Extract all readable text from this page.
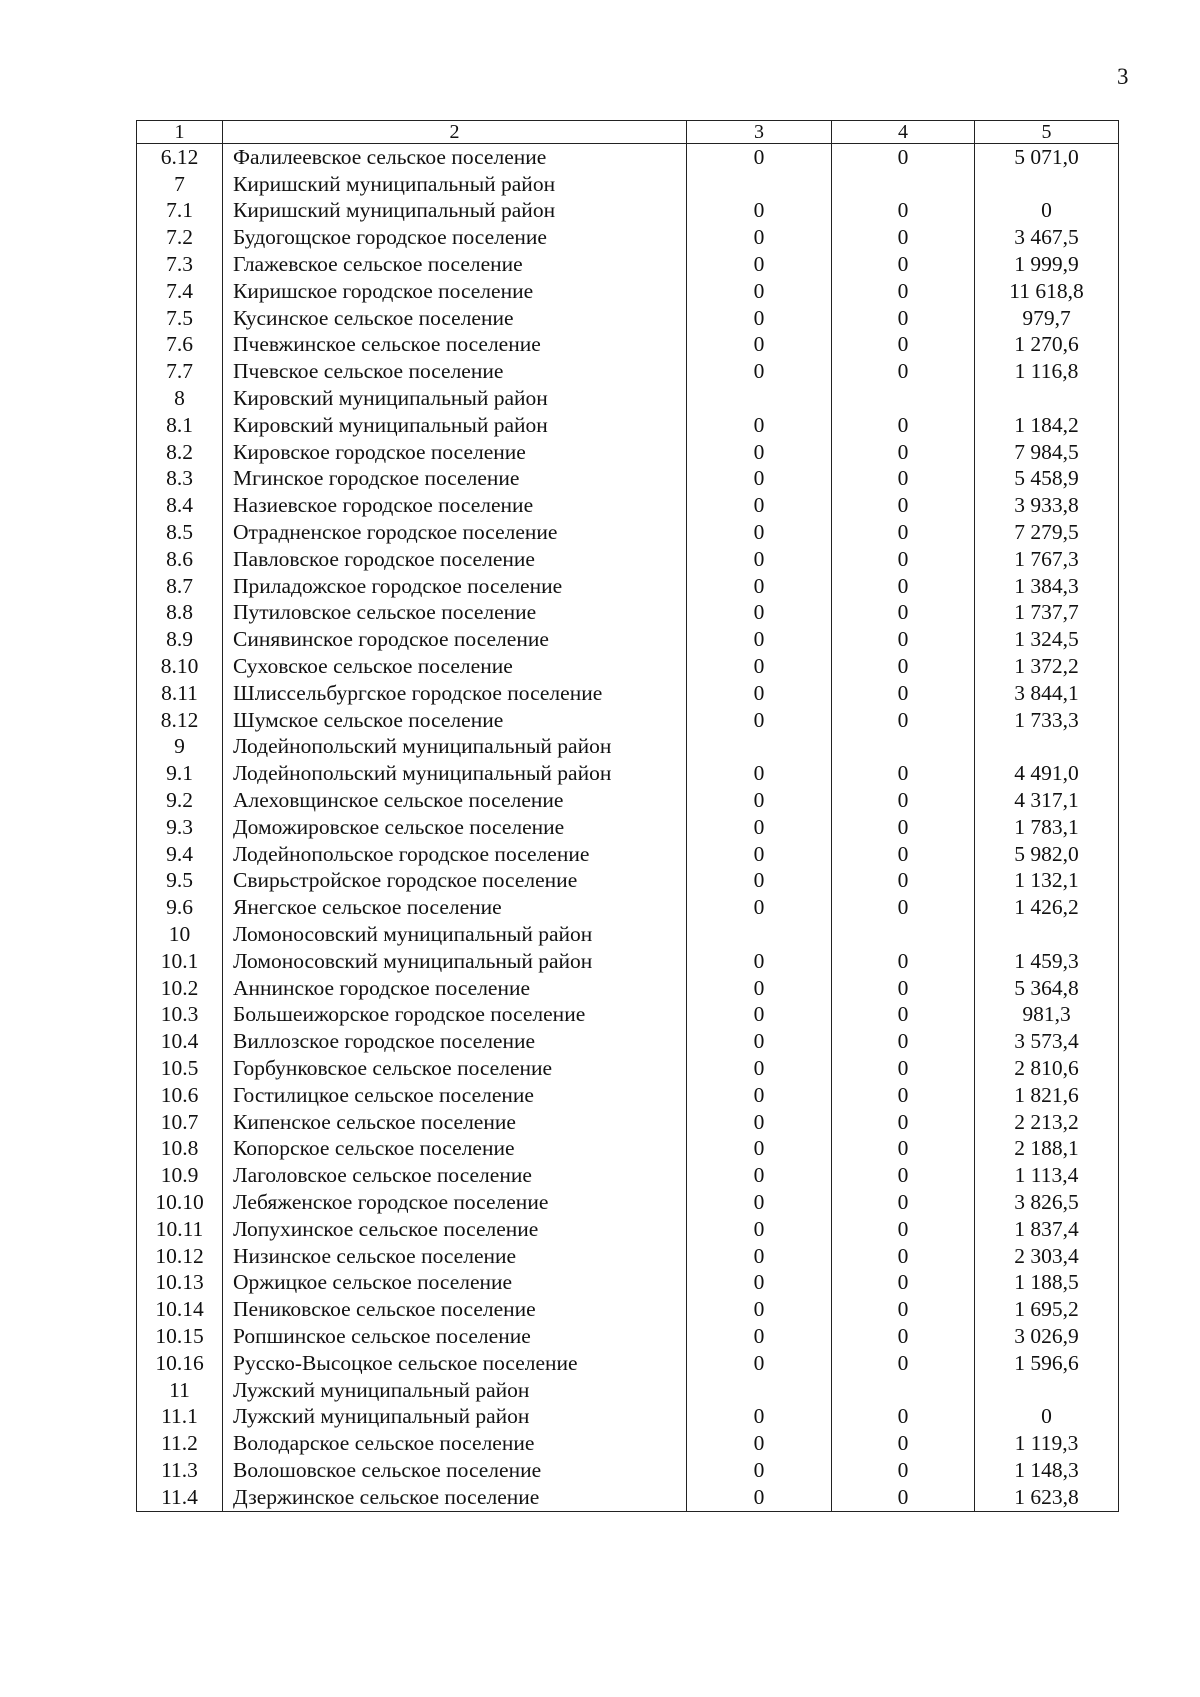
3
1	2	3	4	5
6.12	Фалилеевское сельское поселение	0	0	5 071,0
7	Киришский муниципальный район			
7.1	Киришский муниципальный район	0	0	0
7.2	Будогощское городское поселение	0	0	3 467,5
7.3	Глажевское сельское поселение	0	0	1 999,9
7.4	Киришское городское поселение	0	0	11 618,8
7.5	Кусинское сельское поселение	0	0	979,7
7.6	Пчевжинское сельское поселение	0	0	1 270,6
7.7	Пчевское сельское поселение	0	0	1 116,8
8	Кировский муниципальный район			
8.1	Кировский муниципальный район	0	0	1 184,2
8.2	Кировское городское поселение	0	0	7 984,5
8.3	Мгинское городское поселение	0	0	5 458,9
8.4	Назиевское городское поселение	0	0	3 933,8
8.5	Отрадненское городское поселение	0	0	7 279,5
8.6	Павловское городское поселение	0	0	1 767,3
8.7	Приладожское городское поселение	0	0	1 384,3
8.8	Путиловское сельское поселение	0	0	1 737,7
8.9	Синявинское городское поселение	0	0	1 324,5
8.10	Суховское сельское поселение	0	0	1 372,2
8.11	Шлиссельбургское городское поселение	0	0	3 844,1
8.12	Шумское сельское поселение	0	0	1 733,3
9	Лодейнопольский муниципальный район			
9.1	Лодейнопольский муниципальный район	0	0	4 491,0
9.2	Алеховщинское сельское поселение	0	0	4 317,1
9.3	Доможировское сельское поселение	0	0	1 783,1
9.4	Лодейнопольское городское поселение	0	0	5 982,0
9.5	Свирьстройское городское поселение	0	0	1 132,1
9.6	Янегское сельское поселение	0	0	1 426,2
10	Ломоносовский муниципальный район			
10.1	Ломоносовский муниципальный район	0	0	1 459,3
10.2	Аннинское городское поселение	0	0	5 364,8
10.3	Большеижорское городское поселение	0	0	981,3
10.4	Виллозское городское поселение	0	0	3 573,4
10.5	Горбунковское сельское поселение	0	0	2 810,6
10.6	Гостилицкое сельское поселение	0	0	1 821,6
10.7	Кипенское сельское поселение	0	0	2 213,2
10.8	Копорское сельское поселение	0	0	2 188,1
10.9	Лаголовское сельское поселение	0	0	1 113,4
10.10	Лебяженское городское поселение	0	0	3 826,5
10.11	Лопухинское сельское поселение	0	0	1 837,4
10.12	Низинское сельское поселение	0	0	2 303,4
10.13	Оржицкое сельское поселение	0	0	1 188,5
10.14	Пениковское сельское поселение	0	0	1 695,2
10.15	Ропшинское сельское поселение	0	0	3 026,9
10.16	Русско-Высоцкое сельское поселение	0	0	1 596,6
11	Лужский муниципальный район			
11.1	Лужский муниципальный район	0	0	0
11.2	Володарское сельское поселение	0	0	1 119,3
11.3	Волошовское сельское поселение	0	0	1 148,3
11.4	Дзержинское сельское поселение	0	0	1 623,8
